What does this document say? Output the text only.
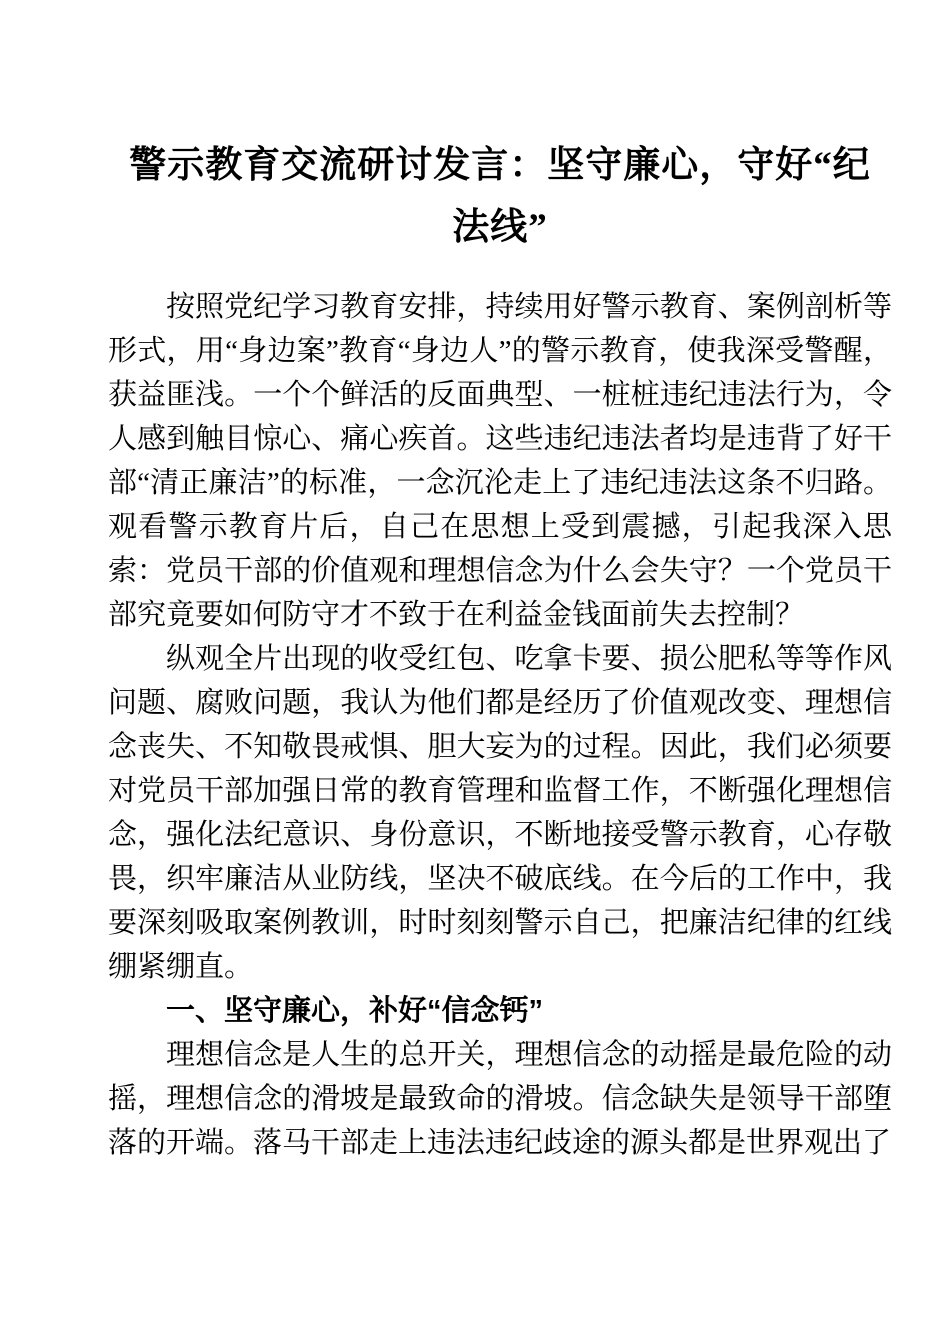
警示教育交流研讨发言：坚守廉心，守好“纪
法线”

按照党纪学习教育安排，持续用好警示教育、案例剖析等形式，用“身边案”教育“身边人”的警示教育，使我深受警醒，获益匪浅。一个个鲜活的反面典型、一桩桩违纪违法行为，令人感到触目惊心、痛心疾首。这些违纪违法者均是违背了好干部“清正廉洁”的标准，一念沉沦走上了违纪违法这条不归路。观看警示教育片后，自己在思想上受到震撼，引起我深入思索：党员干部的价值观和理想信念为什么会失守？一个党员干部究竟要如何防守才不致于在利益金钱面前失去控制？

纵观全片出现的收受红包、吃拿卡要、损公肥私等等作风问题、腐败问题，我认为他们都是经历了价值观改变、理想信念丧失、不知敬畏戒惧、胆大妄为的过程。因此，我们必须要对党员干部加强日常的教育管理和监督工作，不断强化理想信念，强化法纪意识、身份意识，不断地接受警示教育，心存敬畏，织牢廉洁从业防线，坚决不破底线。在今后的工作中，我要深刻吸取案例教训，时时刻刻警示自己，把廉洁纪律的红线绷紧绷直。

一、坚守廉心，补好“信念钙”

理想信念是人生的总开关，理想信念的动摇是最危险的动摇，理想信念的滑坡是最致命的滑坡。信念缺失是领导干部堕落的开端。落马干部走上违法违纪歧途的源头都是世界观出了
